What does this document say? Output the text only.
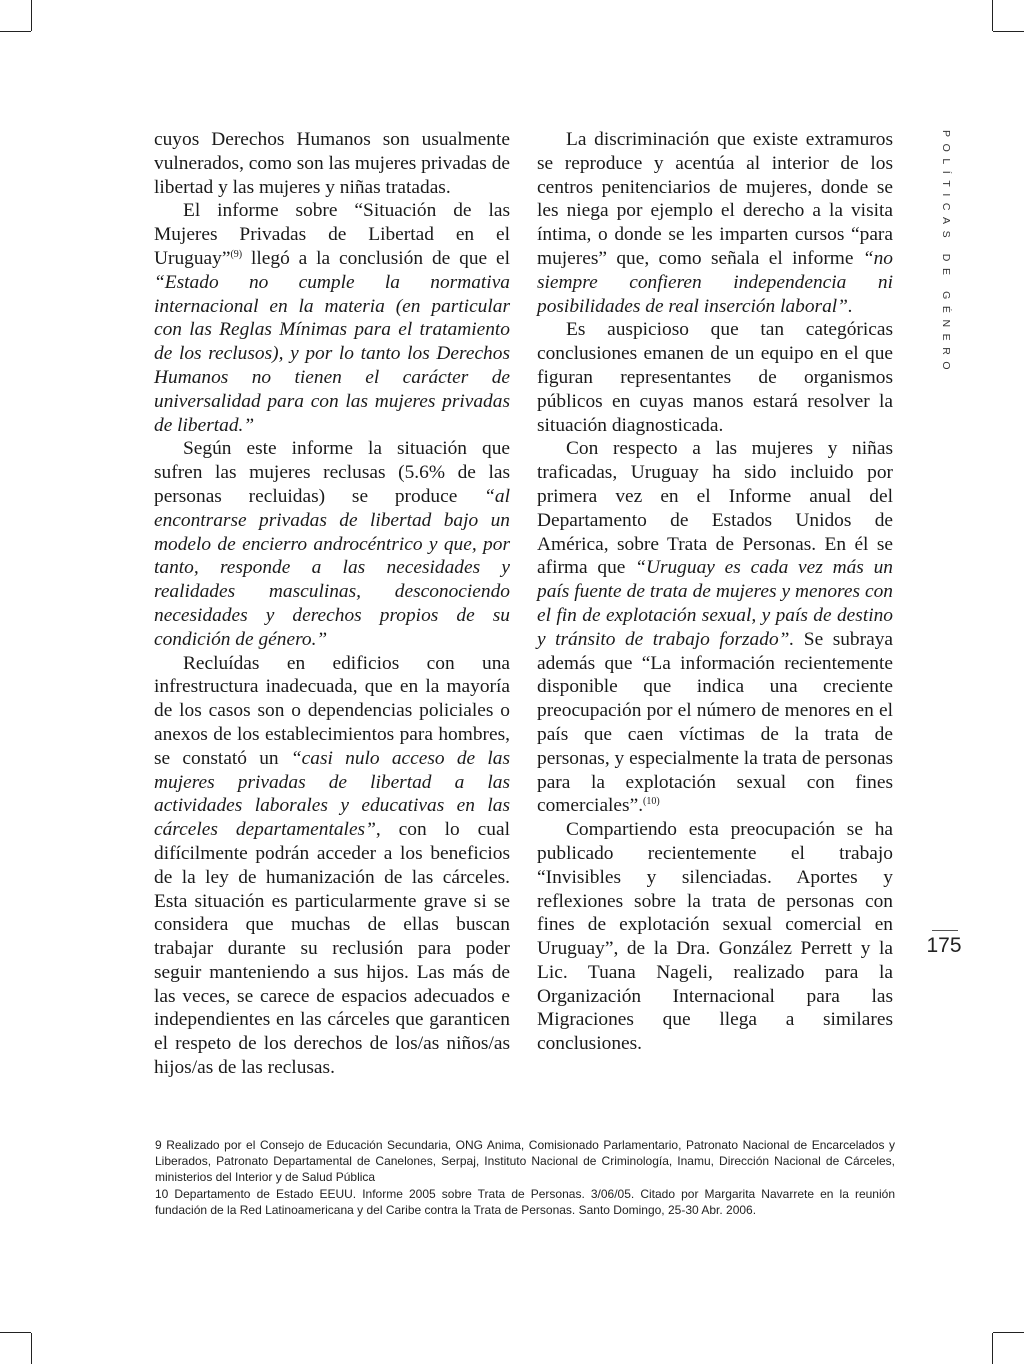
POLÍTICAS DE GÉNERO
175

cuyos Derechos Humanos son usualmente vulnerados, como son las mujeres privadas de libertad y las mujeres y niñas tratadas.

El informe sobre “Situación de las Mujeres Privadas de Libertad en el Uruguay”$^{(9)}$ llegó a la conclusión de que el “Estado no cumple la normativa internacional en la materia (en particular con las Reglas Mínimas para el tratamiento de los reclusos), y por lo tanto los Derechos Humanos no tienen el carácter de universalidad para con las mujeres privadas de libertad.”

Según este informe la situación que sufren las mujeres reclusas (5.6% de las personas recluidas) se produce “al encontrarse privadas de libertad bajo un modelo de encierro androcéntrico y que, por tanto, responde a las necesidades y realidades masculinas, desconociendo necesidades y derechos propios de su condición de género.”

Recluídas en edificios con una infrestructura inadecuada, que en la mayoría de los casos son o dependencias policiales o anexos de los establecimientos para hombres, se constató un “casi nulo acceso de las mujeres privadas de libertad a las actividades laborales y educativas en las cárceles departamentales”, con lo cual difícilmente podrán acceder a los beneficios de la ley de humanización de las cárceles. Esta situación es particularmente grave si se considera que muchas de ellas buscan trabajar durante su reclusión para poder seguir manteniendo a sus hijos. Las más de las veces, se carece de espacios adecuados e independientes en las cárceles que garanticen el respeto de los derechos de los/as niños/as hijos/as de las reclusas.

La discriminación que existe extramuros se reproduce y acentúa al interior de los centros penitenciarios de mujeres, donde se les niega por ejemplo el derecho a la visita íntima, o donde se les imparten cursos “para mujeres” que, como señala el informe “no siempre confieren independencia ni posibilidades de real inserción laboral”.

Es auspicioso que tan categóricas conclusiones emanen de un equipo en el que figuran representantes de organismos públicos en cuyas manos estará resolver la situación diagnosticada.

Con respecto a las mujeres y niñas traficadas, Uruguay ha sido incluido por primera vez en el Informe anual del Departamento de Estados Unidos de América, sobre Trata de Personas. En él se afirma que “Uruguay es cada vez más un país fuente de trata de mujeres y menores con el fin de explotación sexual, y país de destino y tránsito de trabajo forzado”. Se subraya además que “La información recientemente disponible que indica una creciente preocupación por el número de menores en el país que caen víctimas de la trata de personas, y especialmente la trata de personas para la explotación sexual con fines comerciales”.$^{(10)}$

Compartiendo esta preocupación se ha publicado recientemente el trabajo “Invisibles y silenciadas. Aportes y reflexiones sobre la trata de personas con fines de explotación sexual comercial en Uruguay”, de la Dra. González Perrett y la Lic. Tuana Nageli, realizado para la Organización Internacional para las Migraciones que llega a similares conclusiones.

9 Realizado por el Consejo de Educación Secundaria, ONG Anima, Comisionado Parlamentario, Patronato Nacional de Encarcelados y Liberados, Patronato Departamental de Canelones, Serpaj, Instituto Nacional de Criminología, Inamu, Dirección Nacional de Cárceles, ministerios del Interior y de Salud Pública

10 Departamento de Estado EEUU. Informe 2005 sobre Trata de Personas. 3/06/05. Citado por Margarita Navarrete en la reunión fundación de la Red Latinoamericana y del Caribe contra la Trata de Personas. Santo Domingo, 25-30 Abr. 2006.
